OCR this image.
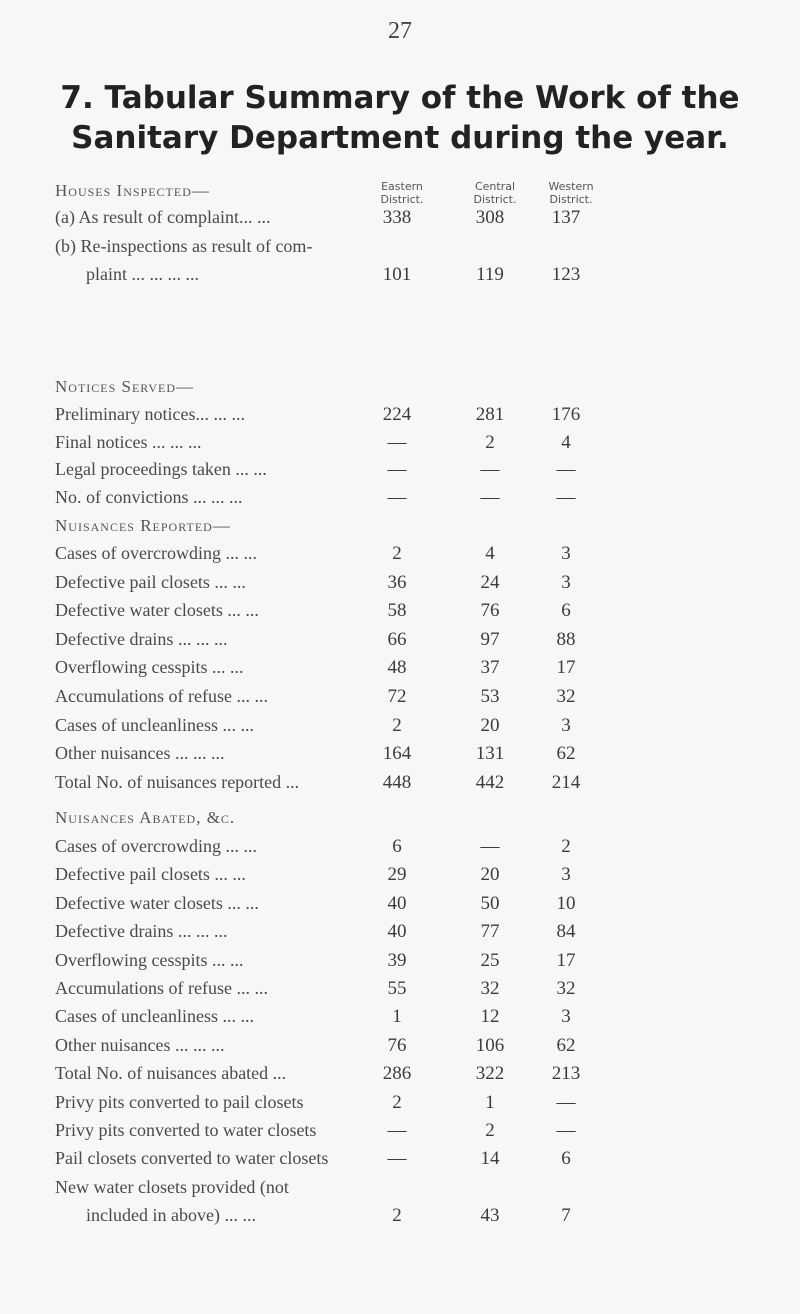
27
7. Tabular Summary of the Work of the
Sanitary Department during the year.
Eastern
District.
Central
District.
Western
District.
Houses Inspected—
Notices Served—
Nuisances Reported—
Nuisances Abated, &c.
(a) As result of complaint... ...	338	308	137
(b) Re-inspections as result of com-
plaint ... ... ... ...	101	119	123
Preliminary notices... ... ...	224	281	176
Final notices ... ... ...	—	2	4
Legal proceedings taken ... ...	—	—	—
No. of convictions ... ... ...	—	—	—
Cases of overcrowding ... ...	2	4	3
Defective pail closets ... ...	36	24	3
Defective water closets ... ...	58	76	6
Defective drains ... ... ...	66	97	88
Overflowing cesspits ... ...	48	37	17
Accumulations of refuse ... ...	72	53	32
Cases of uncleanliness ... ...	2	20	3
Other nuisances ... ... ...	164	131	62
Total No. of nuisances reported ...	448	442	214
Cases of overcrowding ... ...	6	—	2
Defective pail closets ... ...	29	20	3
Defective water closets ... ...	40	50	10
Defective drains ... ... ...	40	77	84
Overflowing cesspits ... ...	39	25	17
Accumulations of refuse ... ...	55	32	32
Cases of uncleanliness ... ...	1	12	3
Other nuisances ... ... ...	76	106	62
Total No. of nuisances abated ...	286	322	213
Privy pits converted to pail closets	2	1	—
Privy pits converted to water closets	—	2	—
Pail closets converted to water closets	—	14	6
New water closets provided (not
included in above) ... ...	2	43	7
